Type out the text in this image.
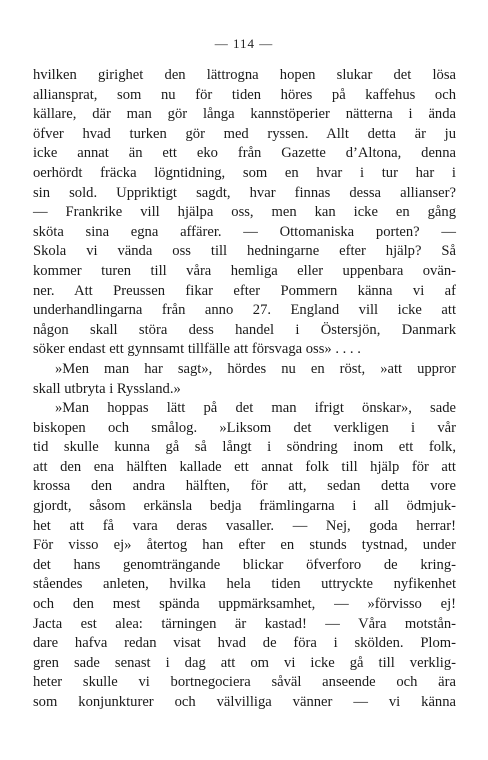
— 114 —
hvilken girighet den lättrogna hopen slukar det lösa
alliansprat, som nu för tiden höres på kaffehus och
källare, där man gör långa kannstöperier nätterna i ända
öfver hvad turken gör med ryssen. Allt detta är ju
icke annat än ett eko från Gazette d’Altona, denna
oerhördt fräcka lögntidning, som en hvar i tur har i
sin sold. Uppriktigt sagdt, hvar finnas dessa allianser?
— Frankrike vill hjälpa oss, men kan icke en gång
sköta sina egna affärer. — Ottomaniska porten? —
Skola vi vända oss till hedningarne efter hjälp? Så
kommer turen till våra hemliga eller uppenbara ovän-
ner. Att Preussen fikar efter Pommern känna vi af
underhandlingarna från anno 27. England vill icke att
någon skall störa dess handel i Östersjön, Danmark
söker endast ett gynnsamt tillfälle att försvaga oss» . . . .
»Men man har sagt», hördes nu en röst, »att uppror
skall utbryta i Ryssland.»
»Man hoppas lätt på det man ifrigt önskar», sade
biskopen och smålog. »Liksom det verkligen i vår
tid skulle kunna gå så långt i söndring inom ett folk,
att den ena hälften kallade ett annat folk till hjälp för att
krossa den andra hälften, för att, sedan detta vore
gjordt, såsom erkänsla bedja främlingarna i all ödmjuk-
het att få vara deras vasaller. — Nej, goda herrar!
För visso ej» återtog han efter en stunds tystnad, under
det hans genomträngande blickar öfverforo de kring-
ståendes anleten, hvilka hela tiden uttryckte nyfikenhet
och den mest spända uppmärksamhet, — »förvisso ej!
Jacta est alea: tärningen är kastad! — Våra motstån-
dare hafva redan visat hvad de föra i skölden. Plom-
gren sade senast i dag att om vi icke gå till verklig-
heter skulle vi bortnegociera såväl anseende och ära
som konjunkturer och välvilliga vänner — vi känna
